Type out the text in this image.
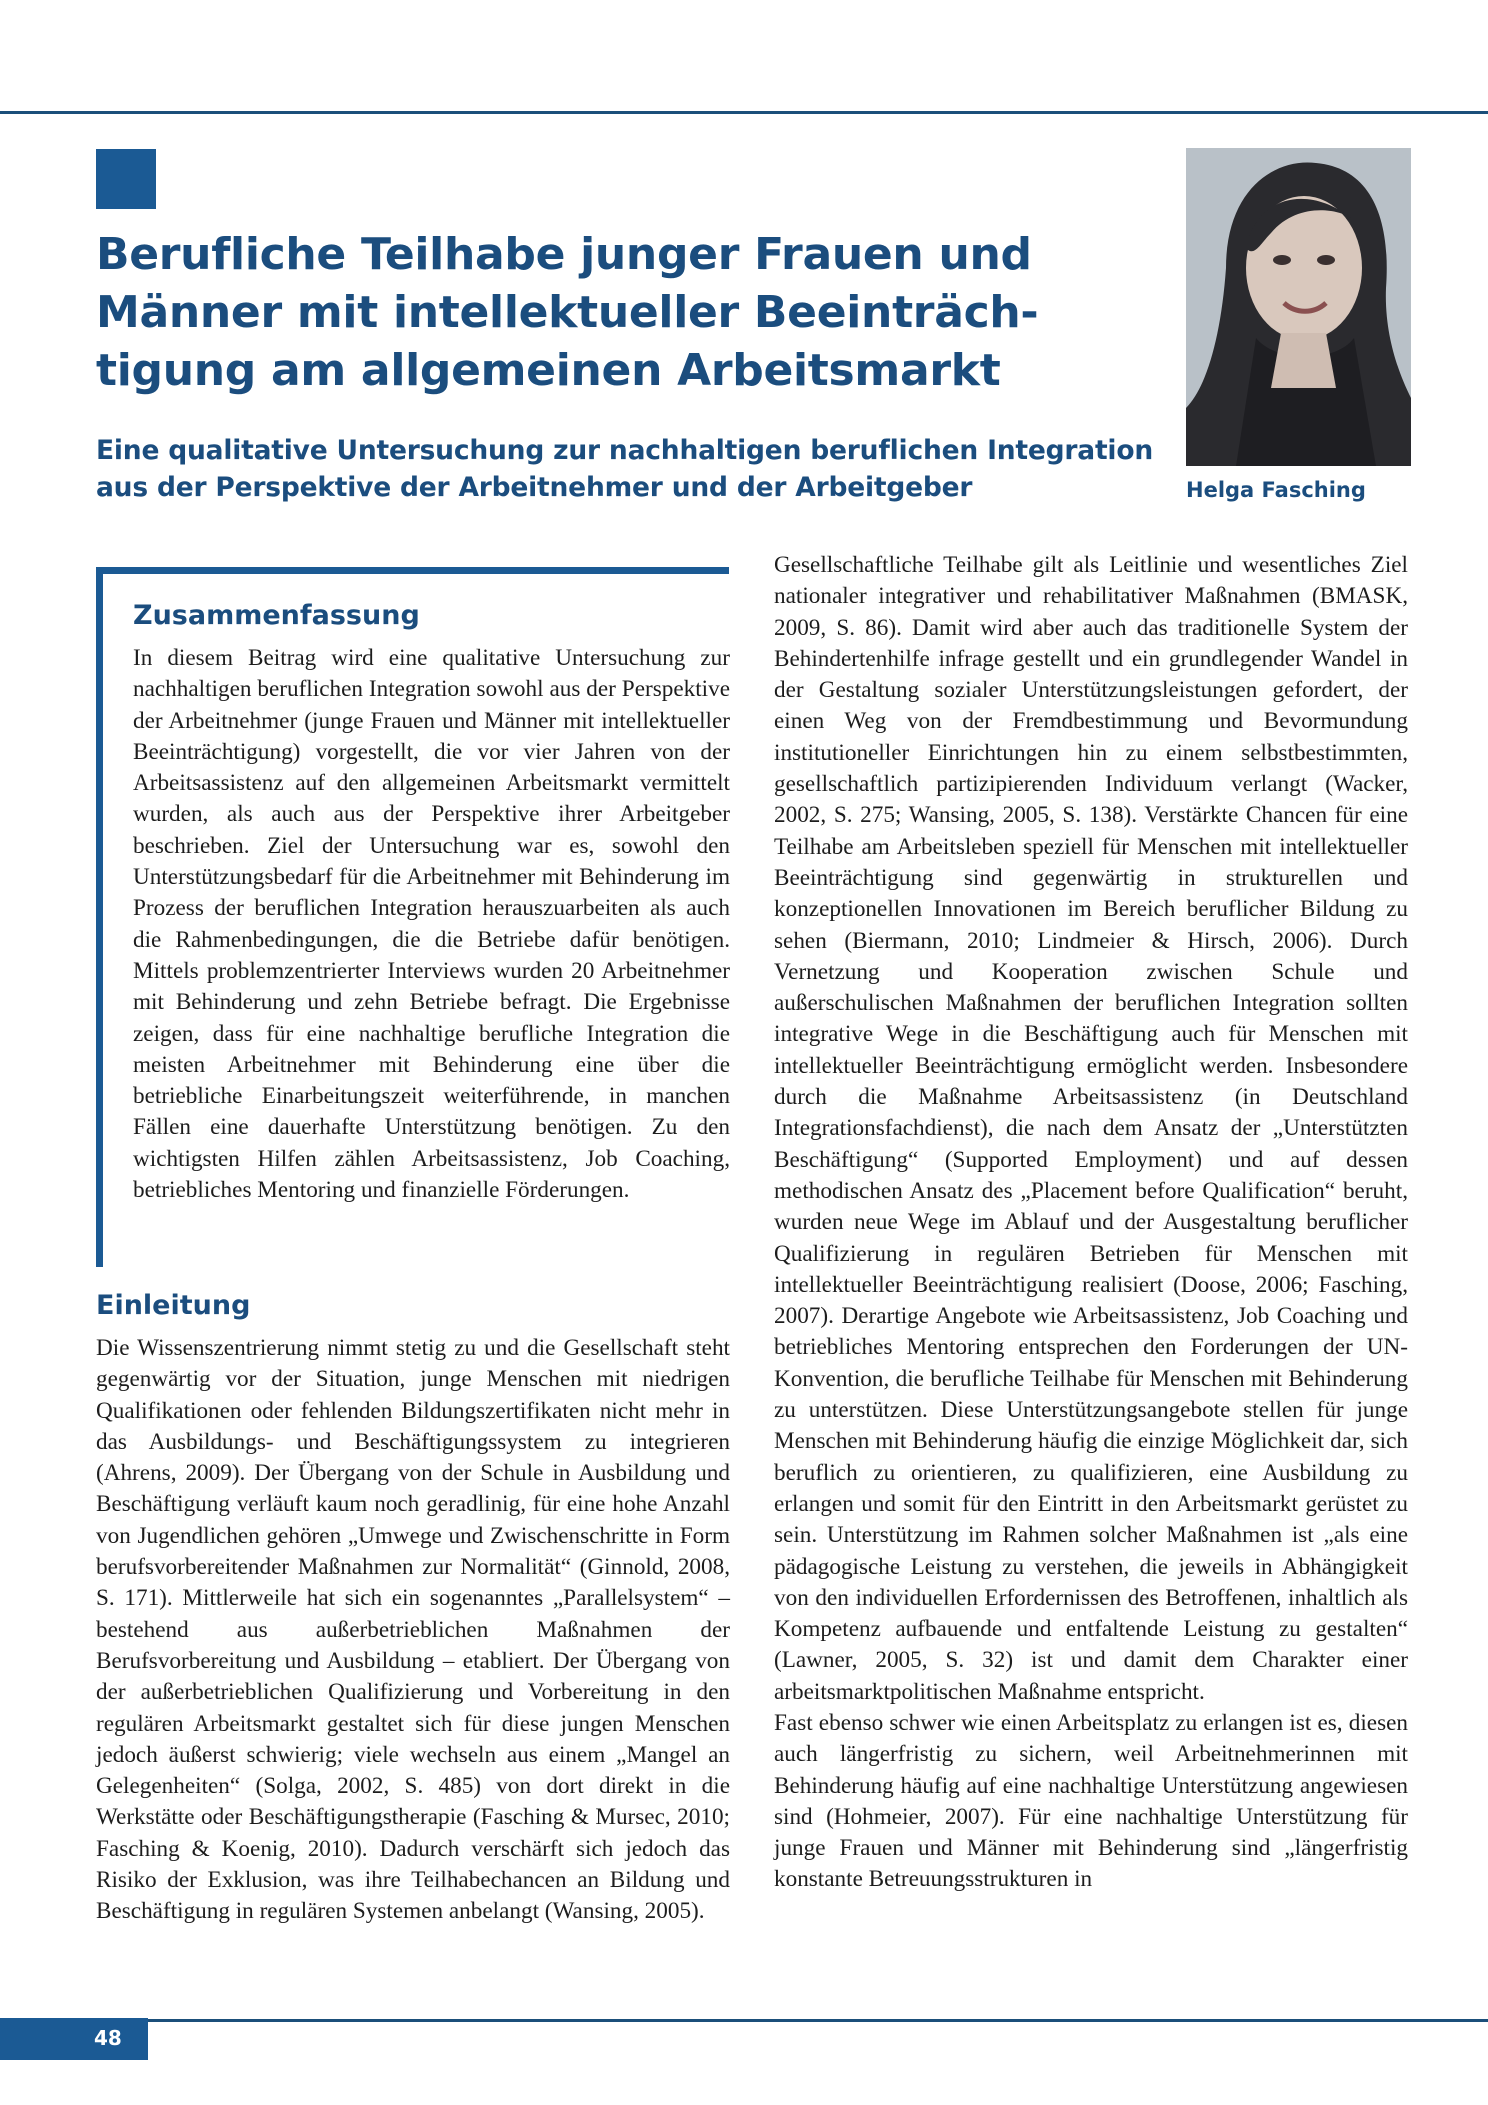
Berufliche Teilhabe junger Frauen und Männer mit intellektueller Beeinträch-tigung am allgemeinen Arbeitsmarkt
Eine qualitative Untersuchung zur nachhaltigen beruflichen Integration aus der Perspektive der Arbeitnehmer und der Arbeitgeber	Helga Fasching

Zusammenfassung

In diesem Beitrag wird eine qualitative Untersuchung zur nachhaltigen beruflichen Integration sowohl aus der Perspektive der Arbeitnehmer (junge Frauen und Männer mit intellektueller Beeinträchtigung) vorgestellt, die vor vier Jahren von der Arbeitsassistenz auf den allgemeinen Arbeitsmarkt vermittelt wurden, als auch aus der Perspektive ihrer Arbeitgeber beschrieben. Ziel der Untersuchung war es, sowohl den Unterstützungsbedarf für die Arbeitnehmer mit Behinderung im Prozess der beruflichen Integration herauszuarbeiten als auch die Rahmenbedingungen, die die Betriebe dafür benötigen. Mittels problemzentrierter Interviews wurden 20 Arbeitnehmer mit Behinderung und zehn Betriebe befragt. Die Ergebnisse zeigen, dass für eine nachhaltige berufliche Integration die meisten Arbeitnehmer mit Behinderung eine über die betriebliche Einarbeitungszeit weiterführende, in manchen Fällen eine dauerhafte Unterstützung benötigen. Zu den wichtigsten Hilfen zählen Arbeitsassistenz, Job Coaching, betriebliches Mentoring und finanzielle Förderungen.

Einleitung

Die Wissenszentrierung nimmt stetig zu und die Gesellschaft steht gegenwärtig vor der Situation, junge Menschen mit niedrigen Qualifikationen oder fehlenden Bildungszertifikaten nicht mehr in das Ausbildungs- und Beschäftigungssystem zu integrieren (Ahrens, 2009). Der Übergang von der Schule in Ausbildung und Beschäftigung verläuft kaum noch geradlinig, für eine hohe Anzahl von Jugendlichen gehören „Umwege und Zwischenschritte in Form berufsvorbereitender Maßnahmen zur Normalität“ (Ginnold, 2008, S. 171). Mittlerweile hat sich ein sogenanntes „Parallelsystem“ – bestehend aus außerbetrieblichen Maßnahmen der Berufsvorbereitung und Ausbildung – etabliert. Der Übergang von der außerbetrieblichen Qualifizierung und Vorbereitung in den regulären Arbeitsmarkt gestaltet sich für diese jungen Menschen jedoch äußerst schwierig; viele wechseln aus einem „Mangel an Gelegenheiten“ (Solga, 2002, S. 485) von dort direkt in die Werkstätte oder Beschäftigungstherapie (Fasching & Mursec, 2010; Fasching & Koenig, 2010). Dadurch verschärft sich jedoch das Risiko der Exklusion, was ihre Teilhabechancen an Bildung und Beschäftigung in regulären Systemen anbelangt (Wansing, 2005).

Gesellschaftliche Teilhabe gilt als Leitlinie und wesentliches Ziel nationaler integrativer und rehabilitativer Maßnahmen (BMASK, 2009, S. 86). Damit wird aber auch das traditionelle System der Behindertenhilfe infrage gestellt und ein grundlegender Wandel in der Gestaltung sozialer Unterstützungsleistungen gefordert, der einen Weg von der Fremdbestimmung und Bevormundung institutioneller Einrichtungen hin zu einem selbstbestimmten, gesellschaftlich partizipierenden Individuum verlangt (Wacker, 2002, S. 275; Wansing, 2005, S. 138). Verstärkte Chancen für eine Teilhabe am Arbeitsleben speziell für Menschen mit intellektueller Beeinträchtigung sind gegenwärtig in strukturellen und konzeptionellen Innovationen im Bereich beruflicher Bildung zu sehen (Biermann, 2010; Lindmeier & Hirsch, 2006). Durch Vernetzung und Kooperation zwischen Schule und außerschulischen Maßnahmen der beruflichen Integration sollten integrative Wege in die Beschäftigung auch für Menschen mit intellektueller Beeinträchtigung ermöglicht werden. Insbesondere durch die Maßnahme Arbeitsassistenz (in Deutschland Integrationsfachdienst), die nach dem Ansatz der „Unterstützten Beschäftigung“ (Supported Employment) und auf dessen methodischen Ansatz des „Placement before Qualification“ beruht, wurden neue Wege im Ablauf und der Ausgestaltung beruflicher Qualifizierung in regulären Betrieben für Menschen mit intellektueller Beeinträchtigung realisiert (Doose, 2006; Fasching, 2007). Derartige Angebote wie Arbeitsassistenz, Job Coaching und betriebliches Mentoring entsprechen den Forderungen der UN-Konvention, die berufliche Teilhabe für Menschen mit Behinderung zu unterstützen. Diese Unterstützungsangebote stellen für junge Menschen mit Behinderung häufig die einzige Möglichkeit dar, sich beruflich zu orientieren, zu qualifizieren, eine Ausbildung zu erlangen und somit für den Eintritt in den Arbeitsmarkt gerüstet zu sein. Unterstützung im Rahmen solcher Maßnahmen ist „als eine pädagogische Leistung zu verstehen, die jeweils in Abhängigkeit von den individuellen Erfordernissen des Betroffenen, inhaltlich als Kompetenz aufbauende und entfaltende Leistung zu gestalten“ (Lawner, 2005, S. 32) ist und damit dem Charakter einer arbeitsmarktpolitischen Maßnahme entspricht.

Fast ebenso schwer wie einen Arbeitsplatz zu erlangen ist es, diesen auch längerfristig zu sichern, weil Arbeitnehmerinnen mit Behinderung häufig auf eine nachhaltige Unterstützung angewiesen sind (Hohmeier, 2007). Für eine nachhaltige Unterstützung für junge Frauen und Männer mit Behinderung sind „längerfristig konstante Betreuungsstrukturen in

48
